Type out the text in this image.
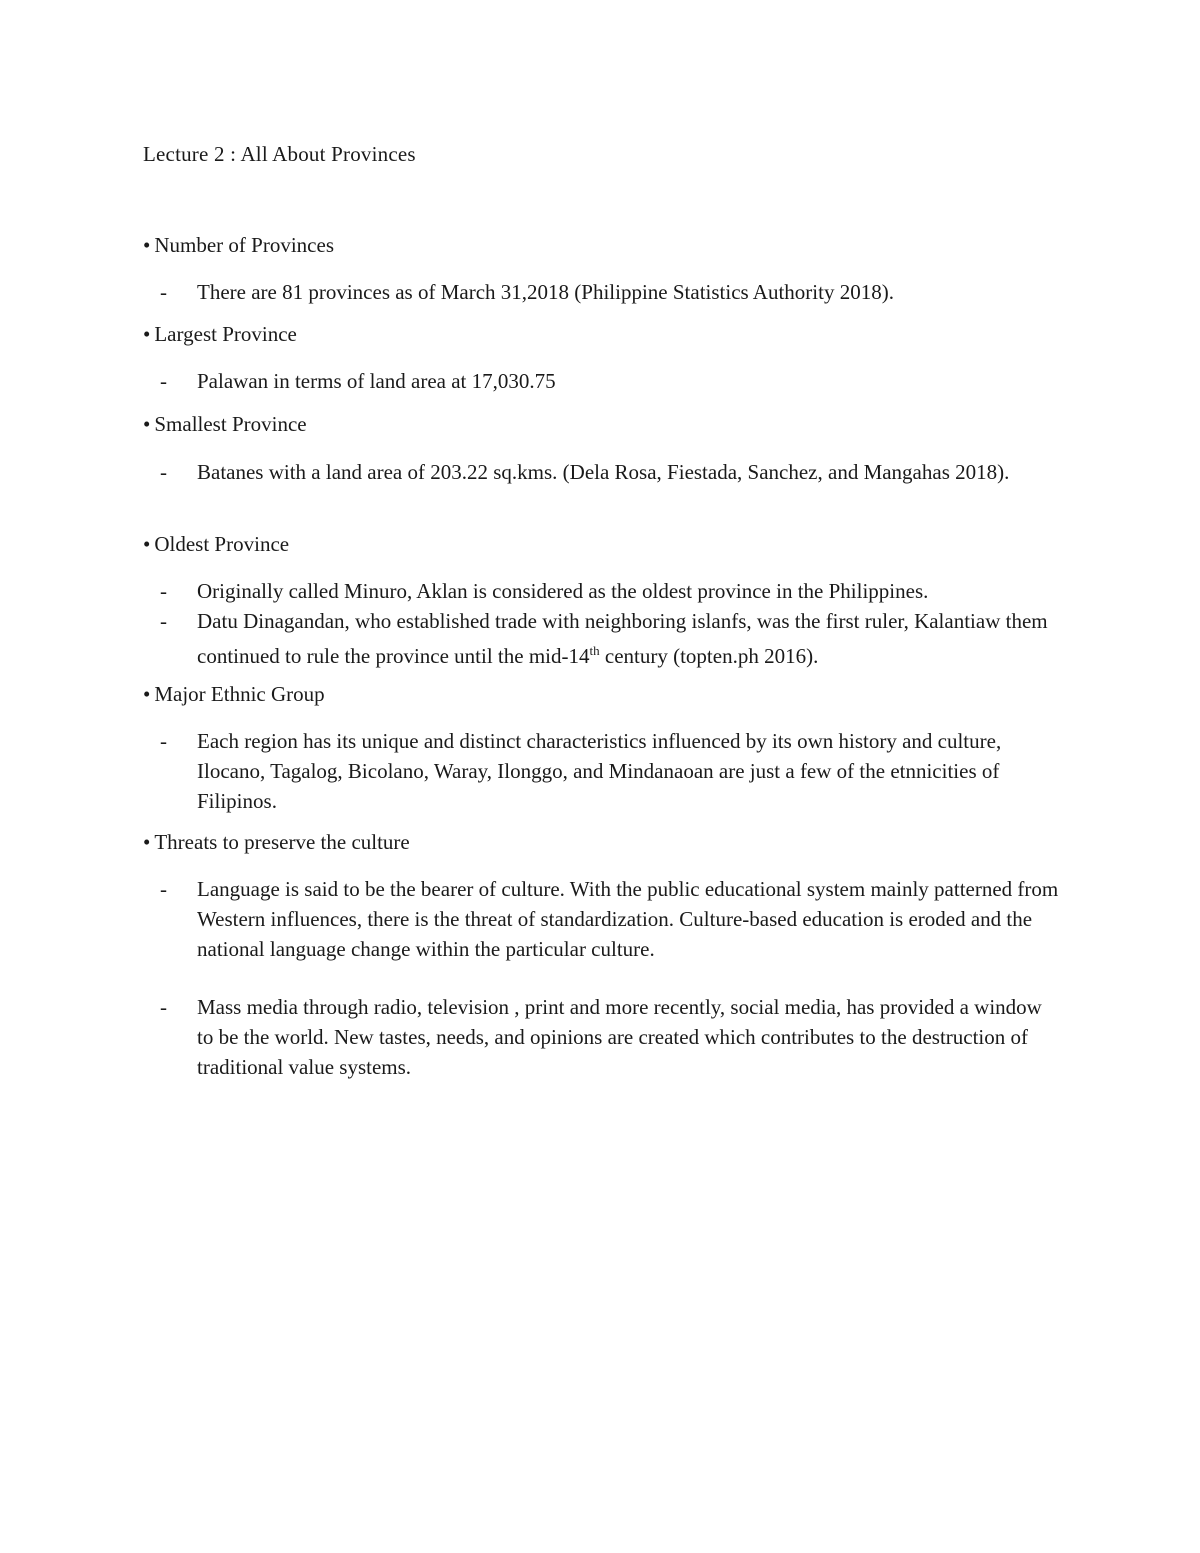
Lecture 2 : All About Provinces
• Number of Provinces
- There are 81 provinces as of March 31,2018 (Philippine Statistics Authority 2018).
• Largest Province
- Palawan in terms of land area at 17,030.75
• Smallest Province
- Batanes with a land area of 203.22 sq.kms. (Dela Rosa, Fiestada, Sanchez, and Mangahas 2018).
• Oldest Province
- Originally called Minuro, Aklan is considered as the oldest province in the Philippines.
- Datu Dinagandan, who established trade with neighboring islanfs, was the first ruler, Kalantiaw them continued to rule the province until the mid-14th century (topten.ph 2016).
• Major Ethnic Group
- Each region has its unique and distinct characteristics influenced by its own history and culture, Ilocano, Tagalog, Bicolano, Waray, Ilonggo, and Mindanaoan are just a few of the etnnicities of Filipinos.
• Threats to preserve the culture
- Language is said to be the bearer of culture. With the public educational system mainly patterned from Western influences, there is the threat of standardization. Culture-based education is eroded and the national language change within the particular culture.
- Mass media through radio, television , print and more recently, social media, has provided a window to be the world. New tastes, needs, and opinions are created which contributes to the destruction of traditional value systems.
